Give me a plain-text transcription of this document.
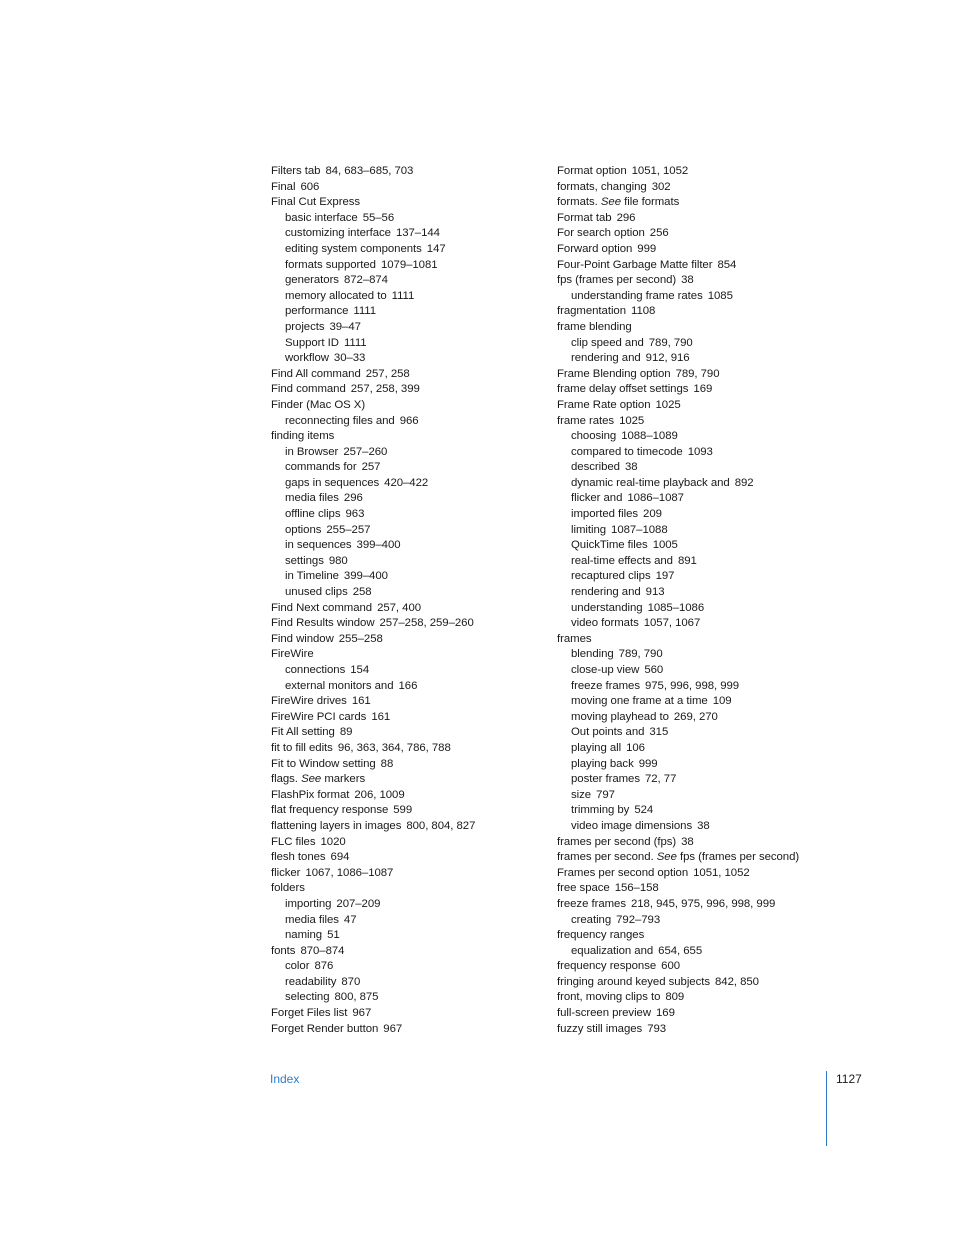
Filters tab 84, 683–685, 703
Final 606
Final Cut Express
basic interface 55–56
customizing interface 137–144
editing system components 147
formats supported 1079–1081
generators 872–874
memory allocated to 1111
performance 1111
projects 39–47
Support ID 1111
workflow 30–33
Find All command 257, 258
Find command 257, 258, 399
Finder (Mac OS X)
reconnecting files and 966
finding items
in Browser 257–260
commands for 257
gaps in sequences 420–422
media files 296
offline clips 963
options 255–257
in sequences 399–400
settings 980
in Timeline 399–400
unused clips 258
Find Next command 257, 400
Find Results window 257–258, 259–260
Find window 255–258
FireWire
connections 154
external monitors and 166
FireWire drives 161
FireWire PCI cards 161
Fit All setting 89
fit to fill edits 96, 363, 364, 786, 788
Fit to Window setting 88
flags. See markers
FlashPix format 206, 1009
flat frequency response 599
flattening layers in images 800, 804, 827
FLC files 1020
flesh tones 694
flicker 1067, 1086–1087
folders
importing 207–209
media files 47
naming 51
fonts 870–874
color 876
readability 870
selecting 800, 875
Forget Files list 967
Forget Render button 967
Format option 1051, 1052
formats, changing 302
formats. See file formats
Format tab 296
For search option 256
Forward option 999
Four-Point Garbage Matte filter 854
fps (frames per second) 38
understanding frame rates 1085
fragmentation 1108
frame blending
clip speed and 789, 790
rendering and 912, 916
Frame Blending option 789, 790
frame delay offset settings 169
Frame Rate option 1025
frame rates 1025
choosing 1088–1089
compared to timecode 1093
described 38
dynamic real-time playback and 892
flicker and 1086–1087
imported files 209
limiting 1087–1088
QuickTime files 1005
real-time effects and 891
recaptured clips 197
rendering and 913
understanding 1085–1086
video formats 1057, 1067
frames
blending 789, 790
close-up view 560
freeze frames 975, 996, 998, 999
moving one frame at a time 109
moving playhead to 269, 270
Out points and 315
playing all 106
playing back 999
poster frames 72, 77
size 797
trimming by 524
video image dimensions 38
frames per second (fps) 38
frames per second. See fps (frames per second)
Frames per second option 1051, 1052
free space 156–158
freeze frames 218, 945, 975, 996, 998, 999
creating 792–793
frequency ranges
equalization and 654, 655
frequency response 600
fringing around keyed subjects 842, 850
front, moving clips to 809
full-screen preview 169
fuzzy still images 793
Index	1127
